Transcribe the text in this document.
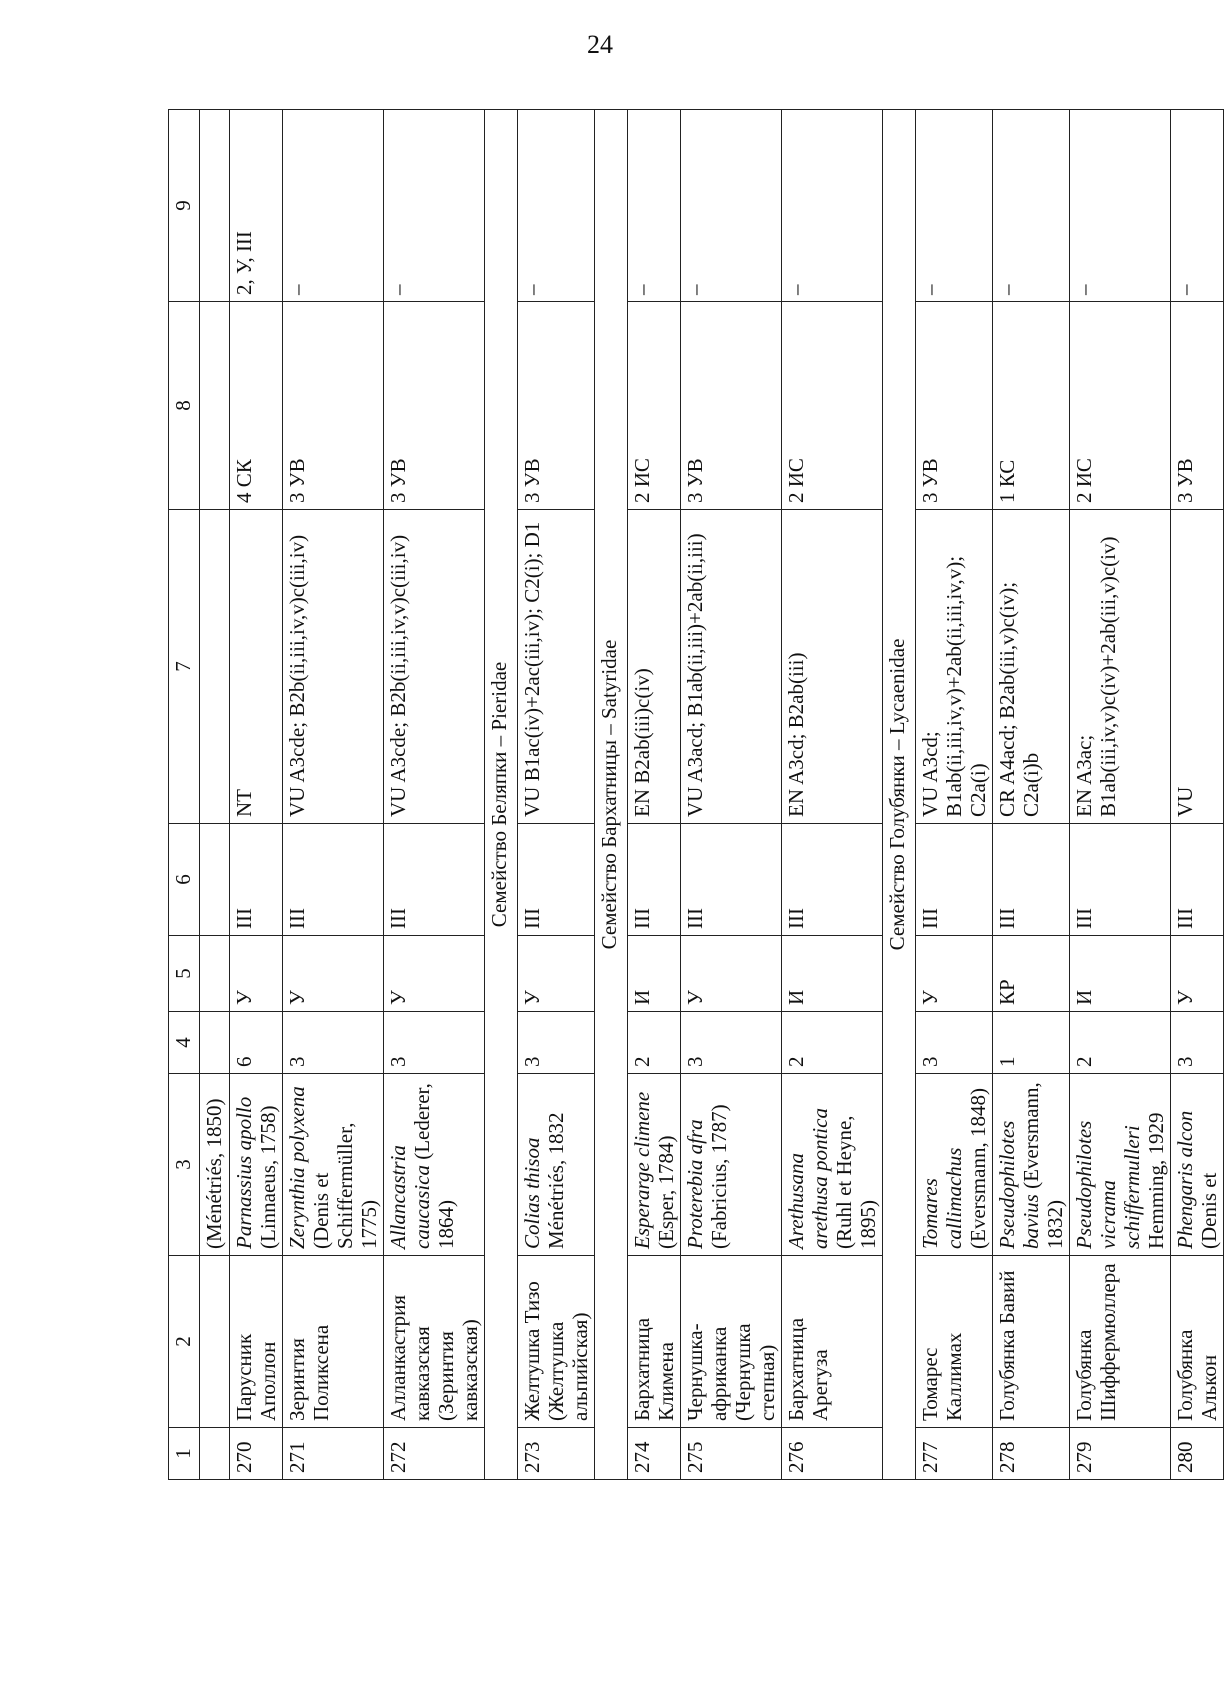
24
1	2	3	4	5	6	7	8	9
		(Ménétriés, 1850)						
270	Парусник Аполлон	Parnassius apollo (Linnaeus, 1758)	6	У	III	NT	4 СК	2, У, III
271	Зеринтия Поликсена	Zerynthia polyxena (Denis et Schiffermüller, 1775)	3	У	III	VU A3cde; B2b(ii,iii,iv,v)c(iii,iv)	3 УВ	–
272	Алланкастрия кавказская (Зеринтия кавказская)	Allancastria caucasica (Lederer, 1864)	3	У	III	VU A3cde; B2b(ii,iii,iv,v)c(iii,iv)	3 УВ	–
Семейство Беляпки – Pieridae								
273	Желтушка Тизо (Желтушка альпийская)	Colias thisoa Ménétriés, 1832	3	У	III	VU B1ac(iv)+2ac(iii,iv); C2(i); D1	3 УВ	–
Семейство Бархатницы – Satyridae								
274	Бархатница Климена	Esperarge climene (Esper, 1784)	2	И	III	EN B2ab(iii)c(iv)	2 ИС	–
275	Чернушка-африканка (Чернушка степная)	Proterebia afra (Fabricius, 1787)	3	У	III	VU A3acd; B1ab(ii,iii)+2ab(ii,iii)	3 УВ	–
276	Бархатница Арегуза	Arethusana arethusa pontica (Ruhl et Heyne, 1895)	2	И	III	EN A3cd; B2ab(iii)	2 ИС	–
Семейство Голубянки – Lycaenidae								
277	Томарес Каллимах	Tomares callimachus (Eversmann, 1848)	3	У	III	VU A3cd; B1ab(ii,iii,iv,v)+2ab(ii,iii,iv,v); C2a(i)	3 УВ	–
278	Голубянка Бавий	Pseudophilotes bavius (Eversmann, 1832)	1	КР	III	CR A4acd; B2ab(iii,v)c(iv); C2a(i)b	1 КС	–
279	Голубянка Шиффермюллера	Pseudophilotes vicrama schiffermulleri Hemming, 1929	2	И	III	EN A3ac; B1ab(iii,iv,v)c(iv)+2ab(iii,v)c(iv)	2 ИС	–
280	Голубянка Алькон	Phengaris alcon (Denis et	3	У	III	VU	3 УВ	–
